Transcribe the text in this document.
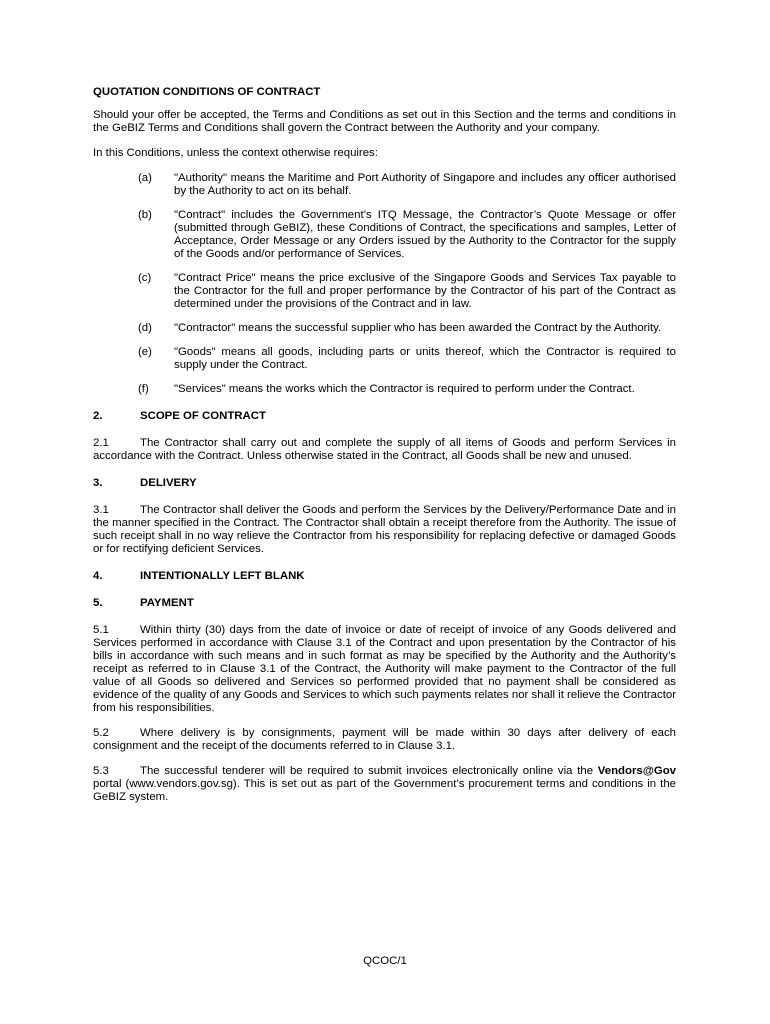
QUOTATION CONDITIONS OF CONTRACT
Should your offer be accepted, the Terms and Conditions as set out in this Section and the terms and conditions in the GeBIZ Terms and Conditions shall govern the Contract between the Authority and your company.
In this Conditions, unless the context otherwise requires:
(a)	"Authority" means the Maritime and Port Authority of Singapore and includes any officer authorised by the Authority to act on its behalf.
(b)	"Contract" includes the Government’s ITQ Message, the Contractor’s Quote Message or offer (submitted through GeBIZ), these Conditions of Contract, the specifications and samples, Letter of Acceptance, Order Message or any Orders issued by the Authority to the Contractor for the supply of the Goods and/or performance of Services.
(c)	"Contract Price" means the price exclusive of the Singapore Goods and Services Tax payable to the Contractor for the full and proper performance by the Contractor of his part of the Contract as determined under the provisions of the Contract and in law.
(d)	"Contractor" means the successful supplier who has been awarded the Contract by the Authority.
(e)	"Goods" means all goods, including parts or units thereof, which the Contractor is required to supply under the Contract.
(f)	"Services" means the works which the Contractor is required to perform under the Contract.
2.	SCOPE OF CONTRACT
2.1	The Contractor shall carry out and complete the supply of all items of Goods and perform Services in accordance with the Contract. Unless otherwise stated in the Contract, all Goods shall be new and unused.
3.	DELIVERY
3.1	The Contractor shall deliver the Goods and perform the Services by the Delivery/Performance Date and in the manner specified in the Contract. The Contractor shall obtain a receipt therefore from the Authority. The issue of such receipt shall in no way relieve the Contractor from his responsibility for replacing defective or damaged Goods or for rectifying deficient Services.
4.	INTENTIONALLY LEFT BLANK
5.	PAYMENT
5.1	Within thirty (30) days from the date of invoice or date of receipt of invoice of any Goods delivered and Services performed in accordance with Clause 3.1 of the Contract and upon presentation by the Contractor of his bills in accordance with such means and in such format as may be specified by the Authority and the Authority’s receipt as referred to in Clause 3.1 of the Contract, the Authority will make payment to the Contractor of the full value of all Goods so delivered and Services so performed provided that no payment shall be considered as evidence of the quality of any Goods and Services to which such payments relates nor shall it relieve the Contractor from his responsibilities.
5.2	Where delivery is by consignments, payment will be made within 30 days after delivery of each consignment and the receipt of the documents referred to in Clause 3.1.
5.3	The successful tenderer will be required to submit invoices electronically online via the Vendors@Gov portal (www.vendors.gov.sg). This is set out as part of the Government’s procurement terms and conditions in the GeBIZ system.
QCOC/1
